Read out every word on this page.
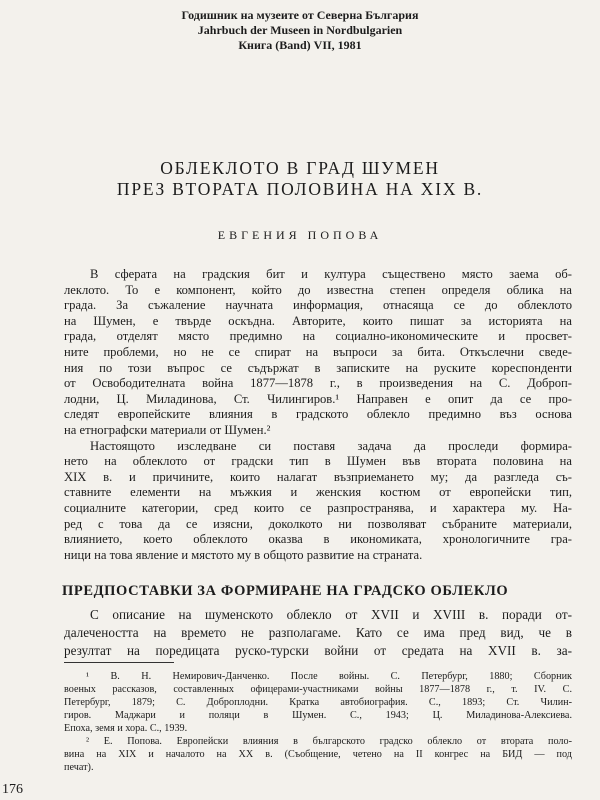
Годишник на музеите от Северна България
Jahrbuch der Museen in Nordbulgarien
Книга (Band) VII, 1981
ОБЛЕКЛОТО В ГРАД ШУМЕН
ПРЕЗ ВТОРАТА ПОЛОВИНА НА XIX В.
ЕВГЕНИЯ ПОПОВА
В сферата на градския бит и култура съществено място заема об-
леклото. То е компонент, който до известна степен определя облика на
града. За съжаление научната информация, отнасяща се до облеклото
на Шумен, е твърде оскъдна. Авторите, които пишат за историята на
града, отделят място предимно на социално-икономическите и просвет-
ните проблеми, но не се спират на въпроси за бита. Откъслечни сведе-
ния по този въпрос се съдържат в записките на руските кореспонденти
от Освободителната война 1877—1878 г., в произведения на С. Доброп-
лодни, Ц. Миладинова, Ст. Чилингиров.¹ Направен е опит да се про-
следят европейските влияния в градското облекло предимно въз основа
на етнографски материали от Шумен.²
Настоящото изследване си поставя задача да проследи формира-
нето на облеклото от градски тип в Шумен във втората половина на
XIX в. и причините, които налагат възприемането му; да разгледа съ-
ставните елементи на мъжкия и женския костюм от европейски тип,
социалните категории, сред които се разпространява, и характера му. На-
ред с това да се изясни, доколкото ни позволяват събраните материали,
влиянието, което облеклото оказва в икономиката, хронологичните гра-
ници на това явление и мястото му в общото развитие на страната.
ПРЕДПОСТАВКИ ЗА ФОРМИРАНЕ НА ГРАДСКО ОБЛЕКЛО
С описание на шуменското облекло от XVII и XVIII в. поради от-
далечеността на времето не разполагаме. Като се има пред вид, че в
резултат на поредицата руско-турски войни от средата на XVII в. за-
¹ В. Н. Немирович-Данченко. После войны. С. Петербург, 1880; Сборник
военых рассказов, составленных офицерами-участниками войны 1877—1878 г., т. IV. С.
Петербург, 1879; С. Доброплодни. Кратка автобиография. С., 1893; Ст. Чилин-
гиров. Маджари и поляци в Шумен. С., 1943; Ц. Миладинова-Алексиева.
Епоха, земя и хора. С., 1939.
² Е. Попова. Европейски влияния в българското градско облекло от втората поло-
вина на XIX и началото на XX в. (Съобщение, четено на II конгрес на БИД — под
печат).
176
